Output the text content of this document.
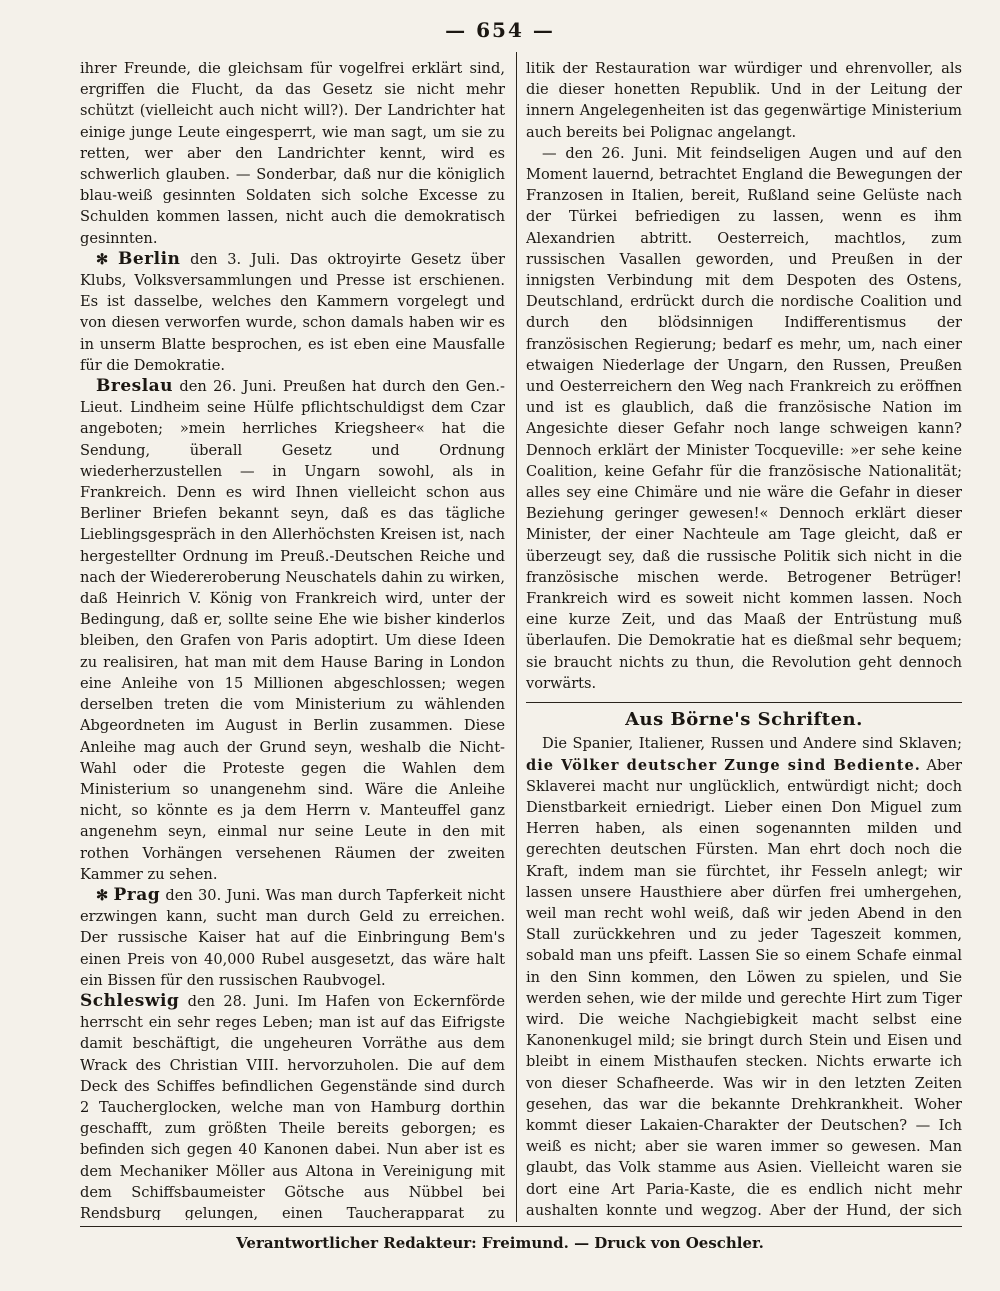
— 654 —

ihrer Freunde, die gleichsam für vogelfrei erklärt sind, ergriffen die Flucht, da das Gesetz sie nicht mehr schützt (vielleicht auch nicht will?). Der Landrichter hat einige junge Leute eingesperrt, wie man sagt, um sie zu retten, wer aber den Landrichter kennt, wird es schwerlich glauben. — Sonderbar, daß nur die königlich blau-weiß gesinnten Soldaten sich solche Excesse zu Schulden kommen lassen, nicht auch die demokratisch gesinnten.

✻ Berlin den 3. Juli. Das oktroyirte Gesetz über Klubs, Volksversammlungen und Presse ist erschienen. Es ist dasselbe, welches den Kammern vorgelegt und von diesen verworfen wurde, schon damals haben wir es in unserm Blatte besprochen, es ist eben eine Mausfalle für die Demokratie.

Breslau den 26. Juni. Preußen hat durch den Gen.-Lieut. Lindheim seine Hülfe pflichtschuldigst dem Czar angeboten; »mein herrliches Kriegsheer« hat die Sendung, überall Gesetz und Ordnung wiederherzustellen — in Ungarn sowohl, als in Frankreich. Denn es wird Ihnen vielleicht schon aus Berliner Briefen bekannt seyn, daß es das tägliche Lieblingsgespräch in den Allerhöchsten Kreisen ist, nach hergestellter Ordnung im Preuß.-Deutschen Reiche und nach der Wiedereroberung Neuschatels dahin zu wirken, daß Heinrich V. König von Frankreich wird, unter der Bedingung, daß er, sollte seine Ehe wie bisher kinderlos bleiben, den Grafen von Paris adoptirt. Um diese Ideen zu realisiren, hat man mit dem Hause Baring in London eine Anleihe von 15 Millionen abgeschlossen; wegen derselben treten die vom Ministerium zu wählenden Abgeordneten im August in Berlin zusammen. Diese Anleihe mag auch der Grund seyn, weshalb die Nicht-Wahl oder die Proteste gegen die Wahlen dem Ministerium so unangenehm sind. Wäre die Anleihe nicht, so könnte es ja dem Herrn v. Manteuffel ganz angenehm seyn, einmal nur seine Leute in den mit rothen Vorhängen versehenen Räumen der zweiten Kammer zu sehen.

✻ Prag den 30. Juni. Was man durch Tapferkeit nicht erzwingen kann, sucht man durch Geld zu erreichen. Der russische Kaiser hat auf die Einbringung Bem's einen Preis von 40,000 Rubel ausgesetzt, das wäre halt ein Bissen für den russischen Raubvogel.

Schleswig den 28. Juni. Im Hafen von Eckernförde herrscht ein sehr reges Leben; man ist auf das Eifrigste damit beschäftigt, die ungeheuren Vorräthe aus dem Wrack des Christian VIII. hervorzuholen. Die auf dem Deck des Schiffes befindlichen Gegenstände sind durch 2 Taucherglocken, welche man von Hamburg dorthin geschafft, zum größten Theile bereits geborgen; es befinden sich gegen 40 Kanonen dabei. Nun aber ist es dem Mechaniker Möller aus Altona in Vereinigung mit dem Schiffsbaumeister Götsche aus Nübbel bei Rendsburg gelungen, einen Taucherapparat zu

litik der Restauration war würdiger und ehrenvoller, als die dieser honetten Republik. Und in der Leitung der innern Angelegenheiten ist das gegenwärtige Ministerium auch bereits bei Polignac angelangt.

— den 26. Juni. Mit feindseligen Augen und auf den Moment lauernd, betrachtet England die Bewegungen der Franzosen in Italien, bereit, Rußland seine Gelüste nach der Türkei befriedigen zu lassen, wenn es ihm Alexandrien abtritt. Oesterreich, machtlos, zum russischen Vasallen geworden, und Preußen in der innigsten Verbindung mit dem Despoten des Ostens, Deutschland, erdrückt durch die nordische Coalition und durch den blödsinnigen Indifferentismus der französischen Regierung; bedarf es mehr, um, nach einer etwaigen Niederlage der Ungarn, den Russen, Preußen und Oesterreichern den Weg nach Frankreich zu eröffnen und ist es glaublich, daß die französische Nation im Angesichte dieser Gefahr noch lange schweigen kann? Dennoch erklärt der Minister Tocqueville: »er sehe keine Coalition, keine Gefahr für die französische Nationalität; alles sey eine Chimäre und nie wäre die Gefahr in dieser Beziehung geringer gewesen!« Dennoch erklärt dieser Minister, der einer Nachteule am Tage gleicht, daß er überzeugt sey, daß die russische Politik sich nicht in die französische mischen werde. Betrogener Betrüger! Frankreich wird es soweit nicht kommen lassen. Noch eine kurze Zeit, und das Maaß der Entrüstung muß überlaufen. Die Demokratie hat es dießmal sehr bequem; sie braucht nichts zu thun, die Revolution geht dennoch vorwärts.

Aus Börne's Schriften.

Die Spanier, Italiener, Russen und Andere sind Sklaven; die Völker deutscher Zunge sind Bediente. Aber Sklaverei macht nur unglücklich, entwürdigt nicht; doch Dienstbarkeit erniedrigt. Lieber einen Don Miguel zum Herren haben, als einen sogenannten milden und gerechten deutschen Fürsten. Man ehrt doch noch die Kraft, indem man sie fürchtet, ihr Fesseln anlegt; wir lassen unsere Hausthiere aber dürfen frei umhergehen, weil man recht wohl weiß, daß wir jeden Abend in den Stall zurückkehren und zu jeder Tageszeit kommen, sobald man uns pfeift. Lassen Sie so einem Schafe einmal in den Sinn kommen, den Löwen zu spielen, und Sie werden sehen, wie der milde und gerechte Hirt zum Tiger wird. Die weiche Nachgiebigkeit macht selbst eine Kanonenkugel mild; sie bringt durch Stein und Eisen und bleibt in einem Misthaufen stecken. Nichts erwarte ich von dieser Schafheerde. Was wir in den letzten Zeiten gesehen, das war die bekannte Drehkrankheit. Woher kommt dieser Lakaien-Charakter der Deutschen? — Ich weiß es nicht; aber sie waren immer so gewesen. Man glaubt, das Volk stamme aus Asien. Vielleicht waren sie dort eine Art Paria-Kaste, die es endlich nicht mehr aushalten konnte und wegzog. Aber der Hund, der sich

Verantwortlicher Redakteur: Freimund. — Druck von Oeschler.
